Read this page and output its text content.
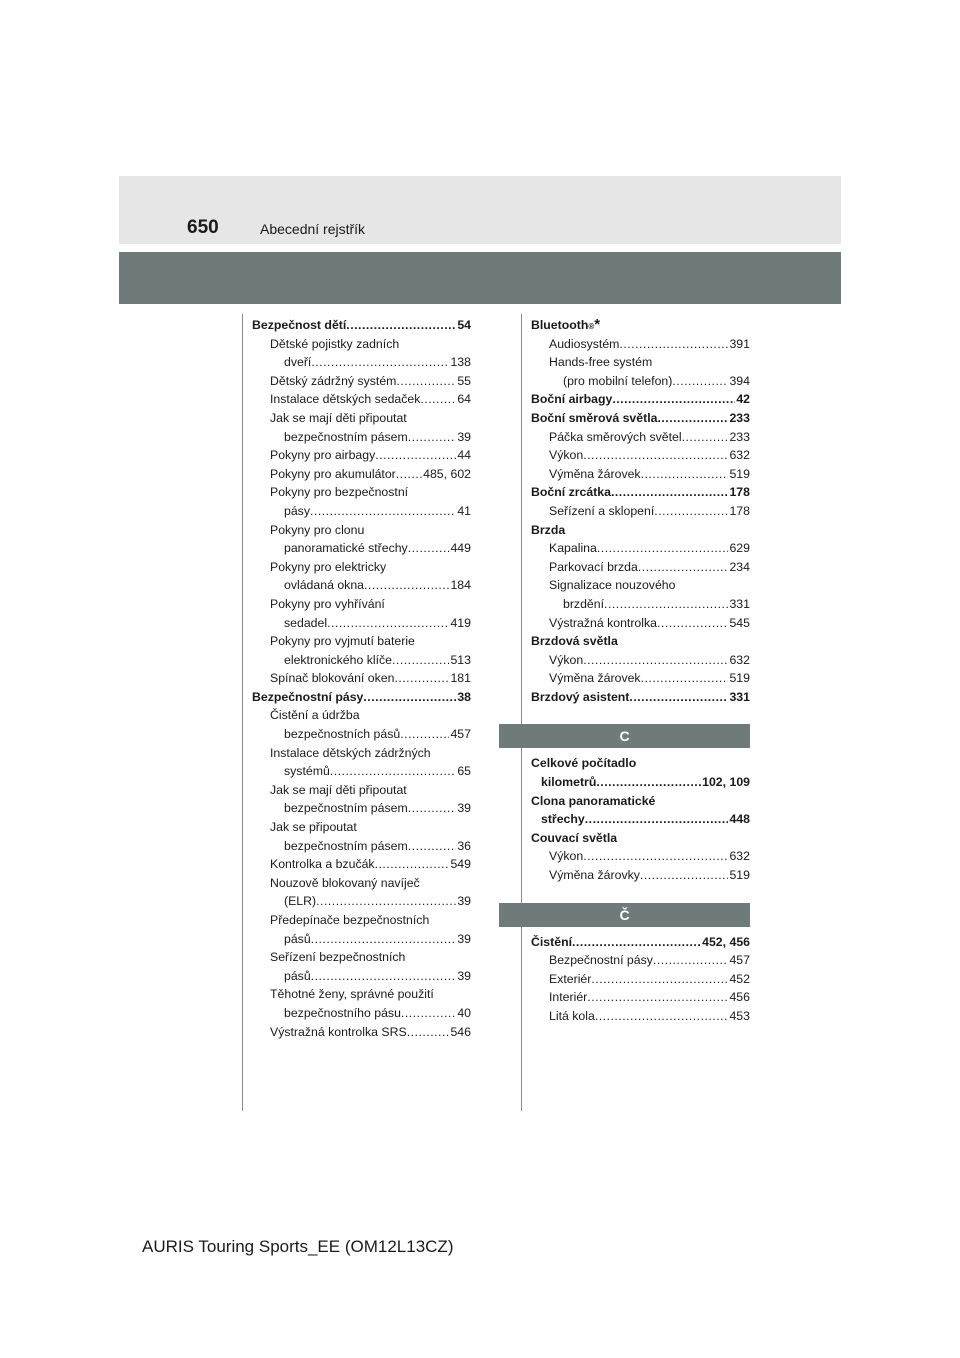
650	Abecední rejstřík
Bezpečnost dětí .....	54
Dětské pojistky zadních
dveří .....	138
Dětský zádržný systém .....	55
Instalace dětských sedaček .....	64
Jak se mají děti připoutat
bezpečnostním pásem .....	39
Pokyny pro airbagy .....	44
Pokyny pro akumulátor ..... 485, 602
Pokyny pro bezpečnostní
pásy .....	41
Pokyny pro clonu
panoramatické střechy .....	449
Pokyny pro elektricky
ovládaná okna .....	184
Pokyny pro vyhřívání
sedadel .....	419
Pokyny pro vyjmutí baterie
elektronického klíče .....	513
Spínač blokování oken .....	181
Bezpečnostní pásy .....	38
Čistění a údržba
bezpečnostních pásů .....	457
Instalace dětských zádržných
systémů .....	65
Jak se mají děti připoutat
bezpečnostním pásem .....	39
Jak se připoutat
bezpečnostním pásem .....	36
Kontrolka a bzučák .....	549
Nouzově blokovaný navíječ
(ELR) .....	39
Předepínače bezpečnostních
pásů .....	39
Seřízení bezpečnostních
pásů .....	39
Těhotné ženy, správné použití
bezpečnostního pásu .....	40
Výstražná kontrolka SRS .....	546
Bluetooth ® *
Audiosystém .....	391
Hands-free systém
(pro mobilní telefon) .....	394
Boční airbagy .....	42
Boční směrová světla .....	233
Páčka směrových světel .....	233
Výkon .....	632
Výměna žárovek .....	519
Boční zrcátka .....	178
Seřízení a sklopení .....	178
Brzda
Kapalina .....	629
Parkovací brzda .....	234
Signalizace nouzového
brzdění .....	331
Výstražná kontrolka .....	545
Brzdová světla
Výkon .....	632
Výměna žárovek .....	519
Brzdový asistent .....	331
C
Celkové počítadlo
kilometrů .....	102, 109
Clona panoramatické
střechy .....	448
Couvací světla
Výkon .....	632
Výměna žárovky .....	519
Č
Čistění .....	452, 456
Bezpečnostní pásy .....	457
Exteriér .....	452
Interiér .....	456
Litá kola .....	453
AURIS Touring Sports_EE (OM12L13CZ)
